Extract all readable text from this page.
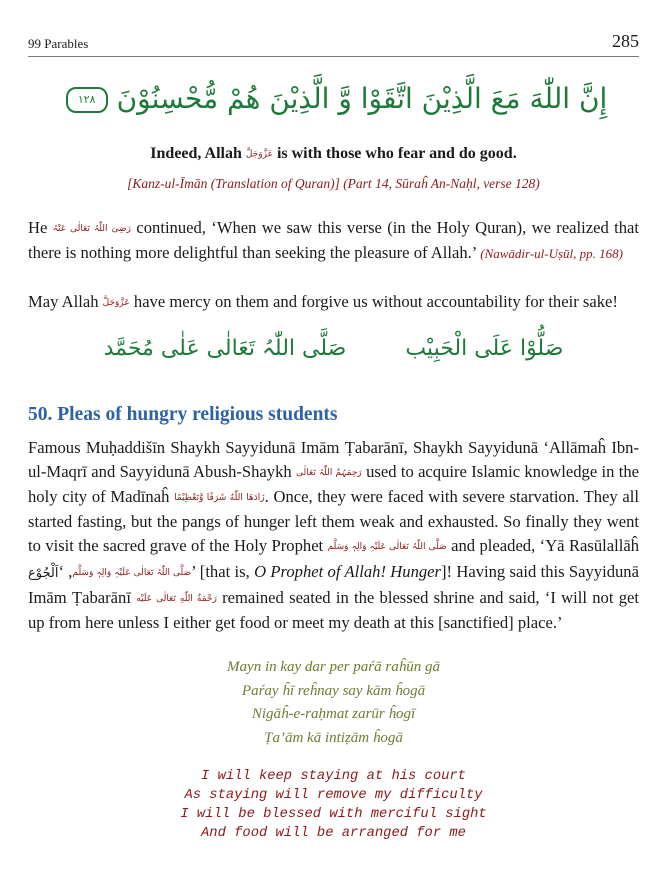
99 Parables	285
إِنَّ اللّٰهَ مَعَ الَّذِيْنَ اتَّقَوْا وَّ الَّذِيْنَ هُمْ مُّحْسِنُوْنَ ١٢٨
Indeed, Allah عَزَّوَجَلَّ is with those who fear and do good.
[Kanz-ul-Īmān (Translation of Quran)] (Part 14, Sūraĥ An-Naḥl, verse 128)
He رَضِیَ اللّٰہُ تَعَالٰی عَنْہُ continued, ‘When we saw this verse (in the Holy Quran), we realized that there is nothing more delightful than seeking the pleasure of Allah.’ (Nawādir-ul-Uṣūl, pp. 168)
May Allah عَزَّوَجَلَّ have mercy on them and forgive us without accountability for their sake!
صَلُّوْا عَلَی الْحَبِیْب صَلَّی اللّٰہُ تَعَالٰی عَلٰی مُحَمَّد
50. Pleas of hungry religious students
Famous Muḥaddišīn Shaykh Sayyidunā Imām Ṭabarānī, Shaykh Sayyidunā ‘Allāmaĥ Ibn-ul-Maqrī and Sayyidunā Abush-Shaykh رَحِمَہُمُ اللّٰہُ تَعَالٰی used to acquire Islamic knowledge in the holy city of Madīnaĥ زَادَهَا اللّٰهُ شَرَفًا وَّتَعْظِيْمًا. Once, they were faced with severe starvation. They all started fasting, but the pangs of hunger left them weak and exhausted. So finally they went to visit the sacred grave of the Holy Prophet صَلَّی اللّٰہُ تَعَالٰی عَلَیْہِ وَالِہٖ وَسَلَّم and pleaded, ‘Yā Rasūlallāĥ صَلَّی اللّٰہُ تَعَالٰی عَلَیْہِ وَالِہٖ وَسَلَّم, ‘اَلْجُوْع	’ [that is, O Prophet of Allah! Hunger]! Having said this Sayyidunā Imām Ṭabarānī رَحْمَةُ اللّٰهِ تَعَالٰی عَلَيْه remained seated in the blessed shrine and said, ‘I will not get up from here unless I either get food or meet my death at this [sanctified] place.’
Mayn in kay dar per paŕā raĥūn gā
Paŕay ĥī reĥnay say kām ĥogā
Nigāĥ-e-raḥmat zarūr ĥogī
Ṭa’ām kā intiẓām ĥogā
I will keep staying at his court
As staying will remove my difficulty
I will be blessed with merciful sight
And food will be arranged for me
